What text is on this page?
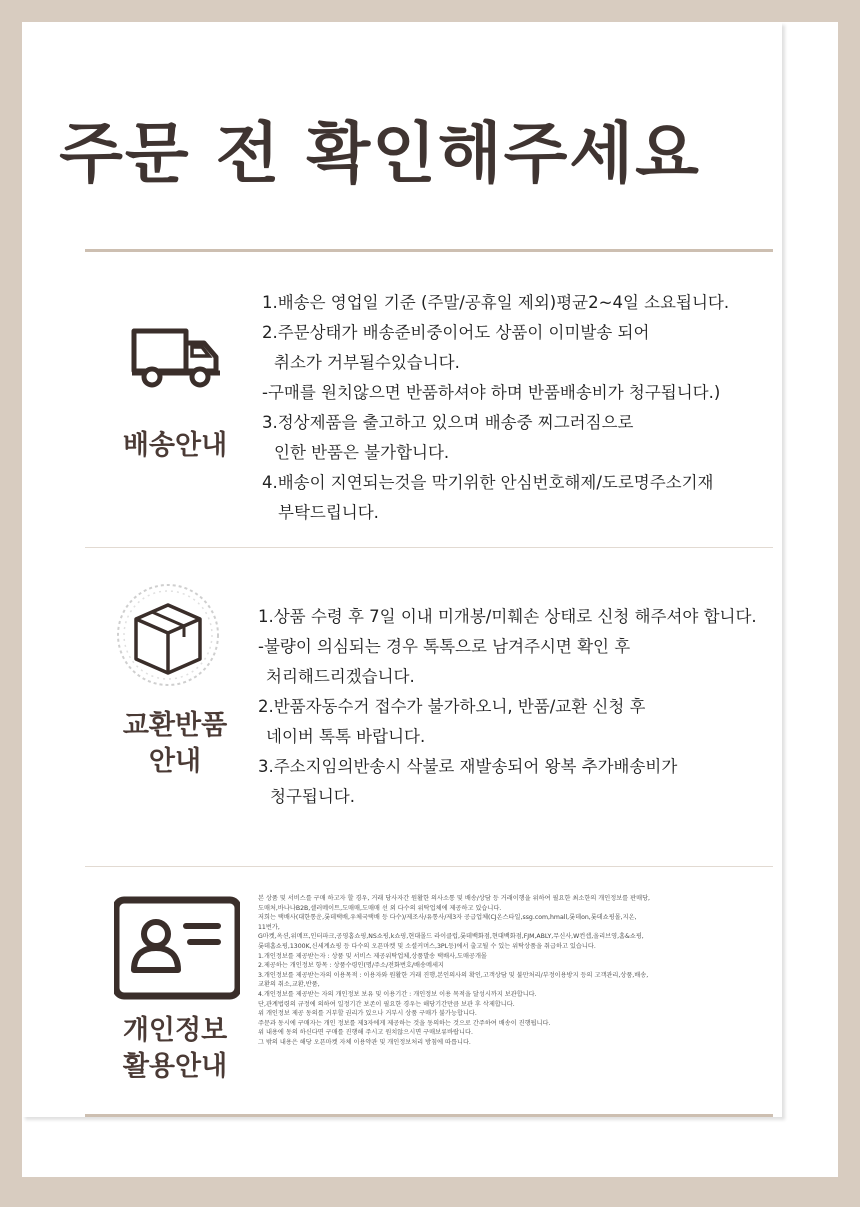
주문 전 확인해주세요
배송안내
1.배송은 영업일 기준 (주말/공휴일 제외)평균2~4일 소요됩니다.
2.주문상태가 배송준비중이어도 상품이 이미발송 되어
취소가 거부될수있습니다.
-구매를 원치않으면 반품하셔야 하며 반품배송비가 청구됩니다.)
3.정상제품을 출고하고 있으며 배송중 찌그러짐으로
인한 반품은 불가합니다.
4.배송이 지연되는것을 막기위한 안심번호해제/도로명주소기재
부탁드립니다.
교환반품
안내
1.상품 수령 후 7일 이내 미개봉/미훼손 상태로 신청 해주셔야 합니다.
-불량이 의심되는 경우 톡톡으로 남겨주시면 확인 후
처리해드리겠습니다.
2.반품자동수거 접수가 불가하오니, 반품/교환 신청 후
네이버 톡톡 바랍니다.
3.주소지임의반송시 삭불로 재발송되어 왕복 추가배송비가
청구됩니다.
개인정보
활용안내
본 상품 및 서비스를 구매 하고자 할 경우, 거래 당사자간 원활한 의사소통 및 배송/상담 등 거래이행을 위하여 필요한 최소한의 개인정보를 판매당,
도매처,바나나B2B,셀러메이트,도매매,도매매 선 외 다수의 위탁업체에 제공하고 있습니다.
저희는 택배사(대한통운,롯데택배,우체국택배 등 다수)/제조사/유통사/제3자 공급업체(CJ온스타일,ssg.com,hmall,롯데on,롯데쇼핑몰,지온,
11번가,
G마켓,옥션,위메프,인터파크,공영홈쇼핑,NS쇼핑,k쇼핑,현대몰드 라이클럽,롯데백화점,현대백화점,FJM,ABLY,무신사,W컨셉,올리브영,홈&쇼핑,
롯데홈쇼핑,1300K,신세계쇼핑 등 다수의 오픈마켓 및 소셜커머스,3PL등)에서 출고될 수 있는 위탁상품을 취급하고 있습니다.
1.개인정보를 제공받는자 : 상품 및 서비스 제공위탁업체,상품발송 택배사,도매공개몰
2.제공하는 개인정보 항목 : 상품수령인(명/주소/전화번호/배송메세지
3.개인정보를 제공받는자의 이용목적 : 이용자와 원활한 거래 진행,본인의사의 확인,고객상담 및 불만처리/부정이용방지 등의 고객관리,상품,배송,
교환의 취소,교환,반품,
4.개인정보를 제공받는 자의 개인정보 보유 및 이용기간 : 개인정보 이용 목적을 달성시까지 보관합니다.
단,관계법령의 규정에 의하여 일정기간 보존이 필요한 경우는 해당기간만큼 보관 후 삭제합니다.
위 개인정보 제공 동의를 거부할 권리가 있으나 거부시 상품 구매가 불가능합니다.
주문과 동시에 구매자는 개인 정보를 제3자에게 제공하는 것을 동의하는 것으로 간주하여 배송이 진행됩니다.
위 내용에 동의 하신다면 구매를 진행해 주시고 원치않으시면 구매보류바랍니다.
그 밖의 내용은 해당 오픈마켓 자체 이용약관 및 개인정보처리 방침에 따릅니다.
